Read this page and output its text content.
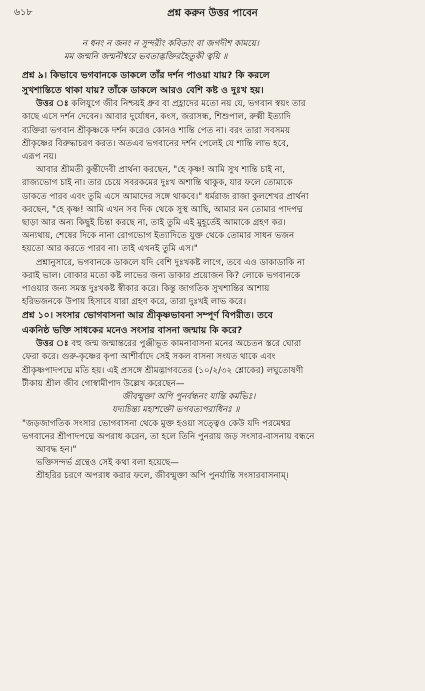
৬১৮	প্রশ্ন করুন উত্তর পাবেন
ন ধনং ন জনং ন সুন্দরীং কবিতাং বা জগদীশ কাময়ে।
মম জন্মনি জন্মনীশ্বরে ভবতাদ্ভক্তিরহৈতুকী ত্বয়ি ॥
প্রশ্ন ৯। কিভাবে ভগবানকে ডাকলে তাঁর দর্শন পাওয়া যায়? কি করলে
সুখশান্তিতে থাকা যায়? তাঁকে ডাকলে আরও বেশি কষ্ট ও দুঃখ হয়।
উত্তর ঃ কলিযুগে জীব নিশ্চয়ই ধ্রুব বা প্রহ্লাদের মতো নয় যে, ভগবান স্বয়ং তার
কাছে এসে দর্শন দেবেন। আবার দুর্যোধন, কংস, জরাসন্ধ, শিশুপাল, রুক্মী ইত্যাদি
ব্যক্তিরা ভগবান শ্রীকৃষ্ণকে দর্শন করেও কোনও শান্তি পেত না। বরং তারা সবসময়
শ্রীকৃষ্ণের বিরুদ্ধাচরণ করত। অতএব ভগবানের দর্শন পেলেই যে শান্তি লাভ হবে,
এরূপ নয়।
আবার শ্রীমতী কুন্তীদেবী প্রার্থনা করছেন, "হে কৃষ্ণ! আমি সুখ শান্তি চাই না,
রাজ্যভোগ চাই না। তার চেয়ে সবরকমের দুঃখ অশান্তি থাকুক, যার ফলে তোমাকে
ডাকতে পারব এবং তুমি এসে আমাদের সঙ্গে থাকবে।" ধর্মরাজ রাজা কুলশেখর প্রার্থনা
করছেন, "হে কৃষ্ণ! আমি এখন সব দিক থেকে সুস্থ আছি, আমার মন তোমার পাদপদ্ম
ছাড়া আর অন্য কিছুই চিন্তা করছে না, তাই তুমি এই মুহূর্তেই আমাকে গ্রহণ কর।
অন্যথায়, শেষের দিকে নানা রোগভোগ ইত্যাদিতে যুক্ত থেকে তোমার সাধন ভজন
হয়তো আর করতে পারব না। তাই এখনই তুমি এস।"
প্রশ্নানুসারে, ভগবানকে ডাকলে যদি বেশি দুঃখকষ্ট লাগে, তবে এও ডাকাডাকি না
করাই ভাল। বোকার মতো কষ্ট লাভের জন্য ডাকার প্রয়োজন কি? লোকে ভগবানকে
পাওয়ার জন্য সমস্ত দুঃখকষ্ট স্বীকার করে। কিন্তু জাগতিক সুখশান্তির আশায়
হরিভজনকে উপায় হিসাবে যারা গ্রহণ করে, তারা দুঃখই লাভ করে।
প্রশ্ন ১০। সংসার ভোগবাসনা আর শ্রীকৃষ্ণভাবনা সম্পূর্ণ বিপরীত। তবে
একনিষ্ঠ ভক্তি সাধকের মনেও সংসার বাসনা জন্মায় কি করে?
উত্তর ঃ বহু জন্ম জন্মান্তরের পুঞ্জীভূত কামনাবাসনা মনের অচেতন স্তরে ঘোরা
ফেরা করে। গুরু-কৃষ্ণের কৃপা আশীর্বাদে সেই সকল বাসনা সংযত থাকে এবং
শ্রীকৃষ্ণপাদপদ্মে মতি হয়। এই প্রসঙ্গে শ্রীমদ্ভাগবতের (১০/২/৩২ শ্লোকের) লঘুতোষণী
টীকায় শ্রীল জীব গোস্বামীপাদ উল্লেখ করেছেন—
জীবন্মুক্তা অপি পুনর্বন্ধনং যান্তি কর্মভিঃ।
যদ্যচিন্ত্য মহাশক্তৌ ভগবত্যপরাধিনঃ ॥
"জড়জাগতিক সংসার ভোগবাসনা থেকে মুক্ত হওয়া সত্ত্বেও কেউ যদি পরমেশ্বর
ভগবানের শ্রীপাদপদ্মে অপরাধ করেন, তা হলে তিনি পুনরায় জড় সংসার-বাসনায় বন্ধনে
আবদ্ধ হন।"
ভক্তিসন্দর্ভ গ্রন্থেও সেই কথা বলা হয়েছে—
শ্রীহরির চরণে অপরাধ করার ফলে, জীবন্মুক্তা অপি পুনর্যান্তি সংসারবাসনাম্।
